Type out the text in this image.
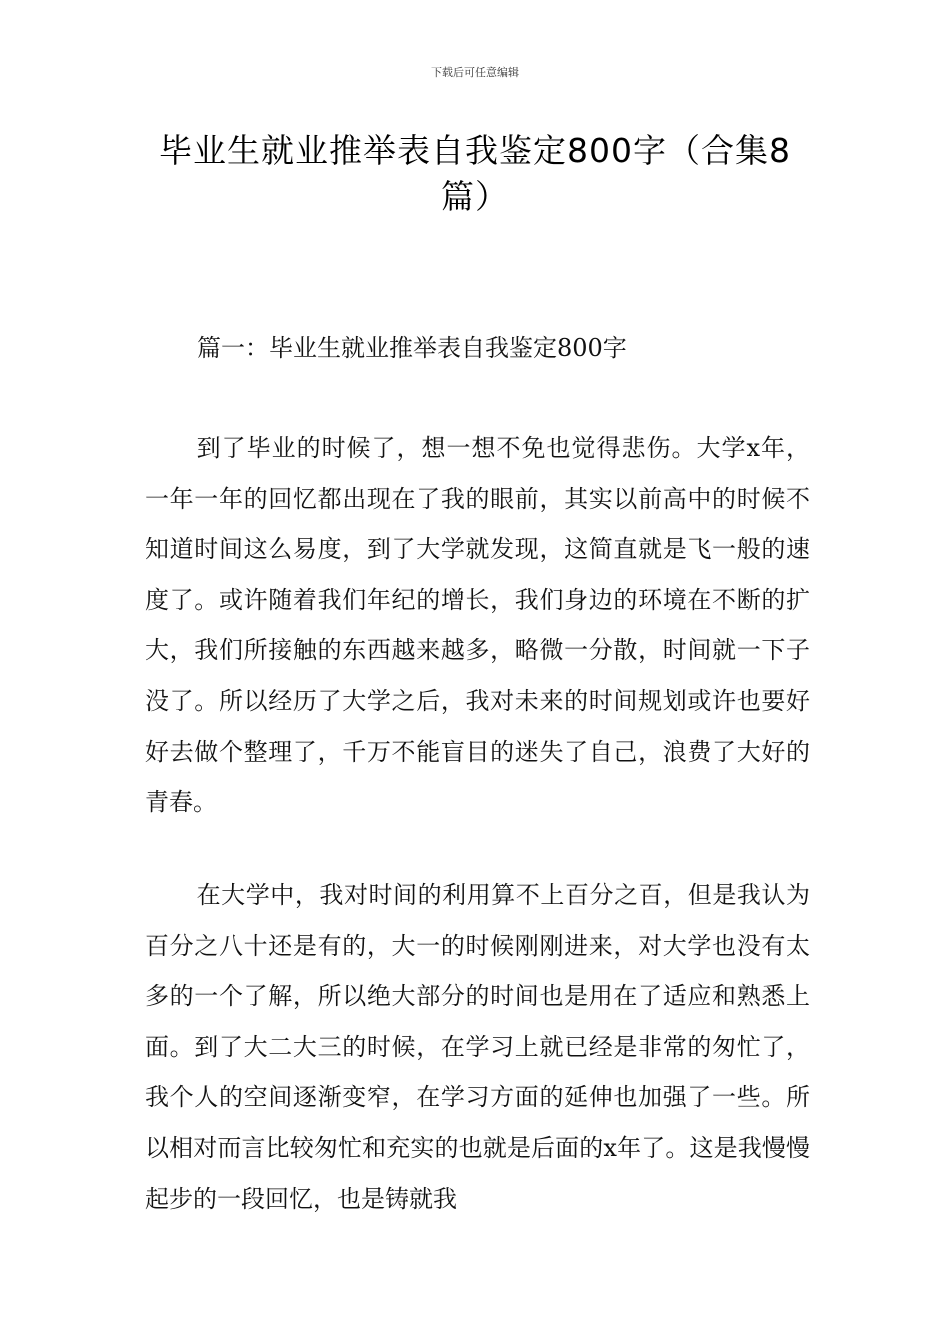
下载后可任意编辑
毕业生就业推举表自我鉴定800字（合集8篇）
篇一：毕业生就业推举表自我鉴定800字

到了毕业的时候了，想一想不免也觉得悲伤。大学x年，一年一年的回忆都出现在了我的眼前，其实以前高中的时候不知道时间这么易度，到了大学就发现，这简直就是飞一般的速度了。或许随着我们年纪的增长，我们身边的环境在不断的扩大，我们所接触的东西越来越多，略微一分散，时间就一下子没了。所以经历了大学之后，我对未来的时间规划或许也要好好去做个整理了，千万不能盲目的迷失了自己，浪费了大好的青春。

在大学中，我对时间的利用算不上百分之百，但是我认为百分之八十还是有的，大一的时候刚刚进来，对大学也没有太多的一个了解，所以绝大部分的时间也是用在了适应和熟悉上面。到了大二大三的时候，在学习上就已经是非常的匆忙了，我个人的空间逐渐变窄，在学习方面的延伸也加强了一些。所以相对而言比较匆忙和充实的也就是后面的x年了。这是我慢慢起步的一段回忆，也是铸就我
